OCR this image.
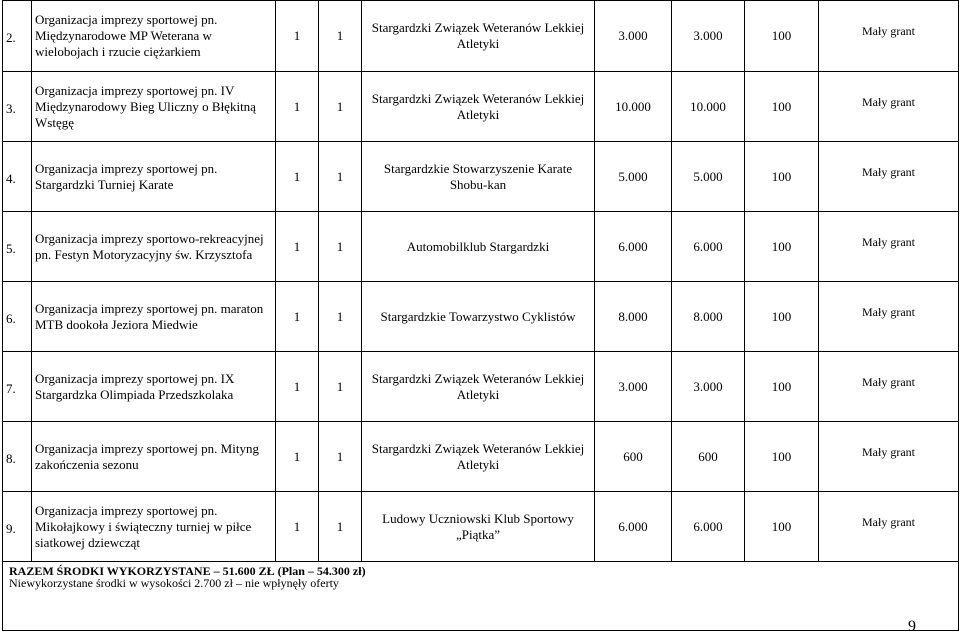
2.	Organizacja imprezy sportowej pn. Międzynarodowe MP Weterana w wielobojach i rzucie ciężarkiem	1	1	Stargardzki Związek Weteranów Lekkiej Atletyki	3.000	3.000	100	Mały grant

3.	Organizacja imprezy sportowej pn. IV Międzynarodowy Bieg Uliczny o Błękitną Wstęgę	1	1	Stargardzki Związek Weteranów Lekkiej Atletyki	10.000	10.000	100	Mały grant

4.	Organizacja imprezy sportowej pn. Stargardzki Turniej Karate	1	1	Stargardzkie Stowarzyszenie Karate Shobu-kan	5.000	5.000	100	Mały grant

5.	Organizacja imprezy sportowo-rekreacyjnej pn. Festyn Motoryzacyjny św. Krzysztofa	1	1	Automobilklub Stargardzki	6.000	6.000	100	Mały grant

6.	Organizacja imprezy sportowej pn. maraton MTB dookoła Jeziora Miedwie	1	1	Stargardzkie Towarzystwo Cyklistów	8.000	8.000	100	Mały grant

7.	Organizacja imprezy sportowej pn. IX Stargardzka Olimpiada Przedszkolaka	1	1	Stargardzki Związek Weteranów Lekkiej Atletyki	3.000	3.000	100	Mały grant

8.	Organizacja imprezy sportowej pn. Mityng zakończenia sezonu	1	1	Stargardzki Związek Weteranów Lekkiej Atletyki	600	600	100	Mały grant

9.	Organizacja imprezy sportowej pn. Mikołajkowy i świąteczny turniej w piłce siatkowej dziewcząt	1	1	Ludowy Uczniowski Klub Sportowy „Piątka”	6.000	6.000	100	Mały grant

RAZEM ŚRODKI WYKORZYSTANE – 51.600 ZŁ (Plan – 54.300 zł)
Niewykorzystane środki w wysokości 2.700 zł – nie wpłynęły oferty								
9
